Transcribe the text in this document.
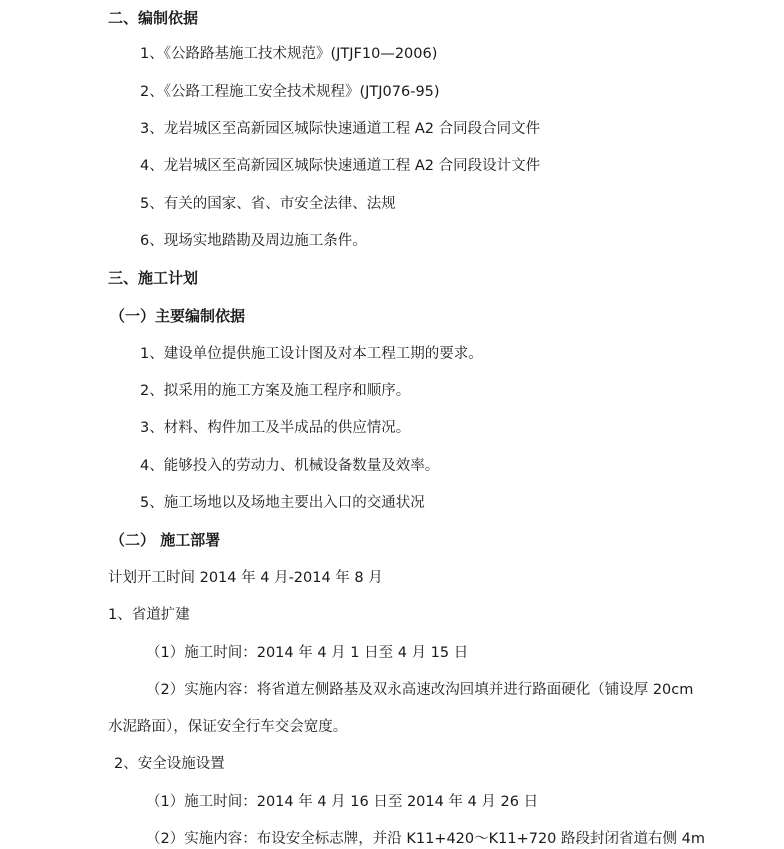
二、编制依据
1、《公路路基施工技术规范》(JTJF10—2006)
2、《公路工程施工安全技术规程》(JTJ076-95)
3、龙岩城区至高新园区城际快速通道工程 A2 合同段合同文件
4、龙岩城区至高新园区城际快速通道工程 A2 合同段设计文件
5、有关的国家、省、市安全法律、法规
6、现场实地踏勘及周边施工条件。
三、施工计划
（一）主要编制依据
1、建设单位提供施工设计图及对本工程工期的要求。
2、拟采用的施工方案及施工程序和顺序。
3、材料、构件加工及半成品的供应情况。
4、能够投入的劳动力、机械设备数量及效率。
5、施工场地以及场地主要出入口的交通状况
（二） 施工部署
计划开工时间 2014 年 4 月-2014 年 8 月
1、省道扩建
（1）施工时间：2014 年 4 月 1 日至 4 月 15 日
（2）实施内容：将省道左侧路基及双永高速改沟回填并进行路面硬化（铺设厚 20cm
水泥路面），保证安全行车交会宽度。
2、安全设施设置
（1）施工时间：2014 年 4 月 16 日至 2014 年 4 月 26 日
（2）实施内容：布设安全标志牌，并沿 K11+420～K11+720 路段封闭省道右侧 4m
